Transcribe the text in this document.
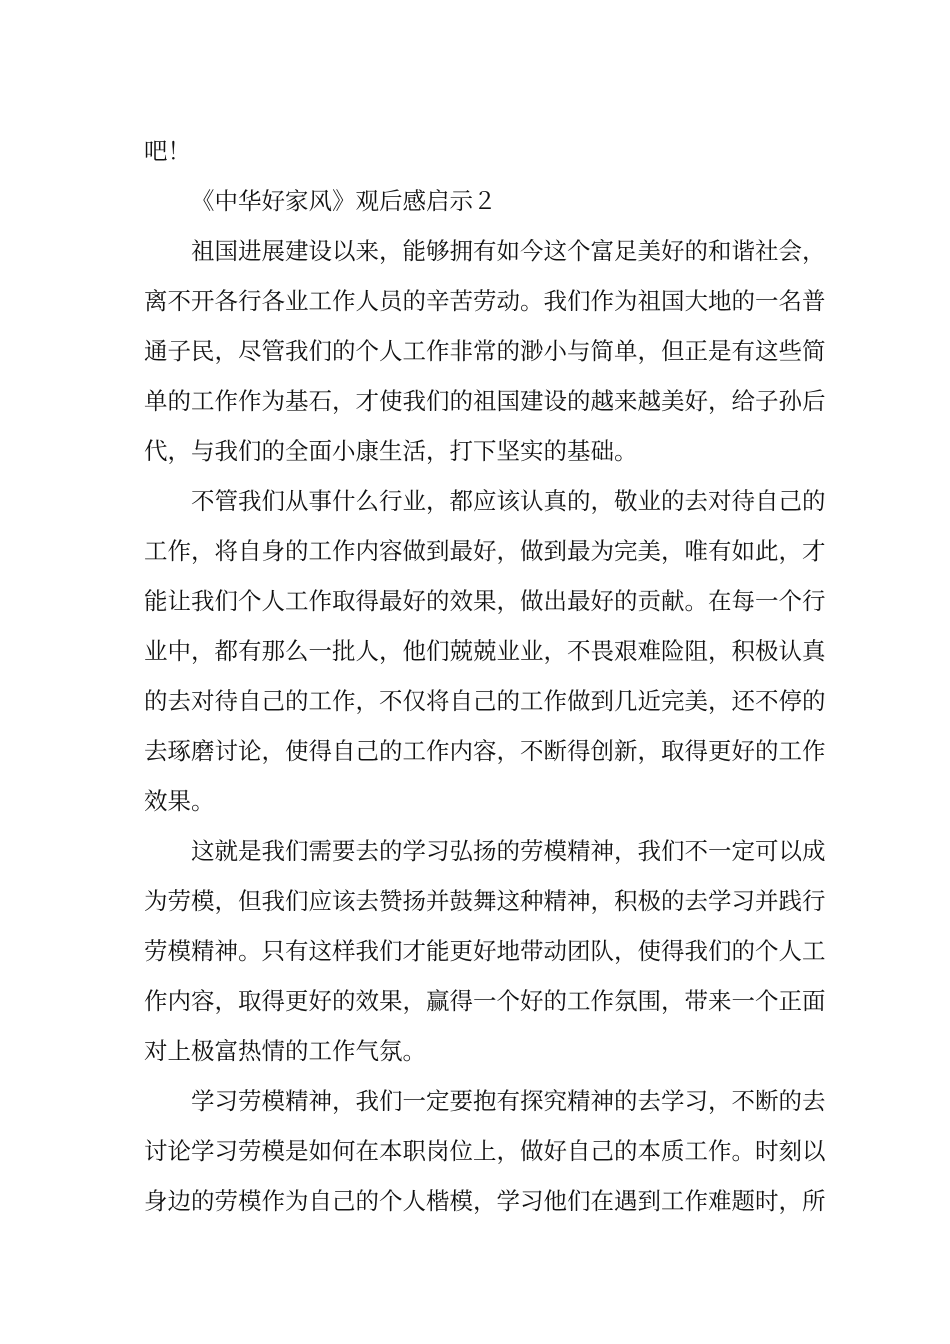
吧！
《中华好家风》观后感启示２
祖国进展建设以来，能够拥有如今这个富足美好的和谐社会，
离不开各行各业工作人员的辛苦劳动。我们作为祖国大地的一名普
通子民，尽管我们的个人工作非常的渺小与简单，但正是有这些简
单的工作作为基石，才使我们的祖国建设的越来越美好，给子孙后
代，与我们的全面小康生活，打下坚实的基础。
不管我们从事什么行业，都应该认真的，敬业的去对待自己的
工作，将自身的工作内容做到最好，做到最为完美，唯有如此，才
能让我们个人工作取得最好的效果，做出最好的贡献。在每一个行
业中，都有那么一批人，他们兢兢业业，不畏艰难险阻，积极认真
的去对待自己的工作，不仅将自己的工作做到几近完美，还不停的
去琢磨讨论，使得自己的工作内容，不断得创新，取得更好的工作
效果。
这就是我们需要去的学习弘扬的劳模精神，我们不一定可以成
为劳模，但我们应该去赞扬并鼓舞这种精神，积极的去学习并践行
劳模精神。只有这样我们才能更好地带动团队，使得我们的个人工
作内容，取得更好的效果，赢得一个好的工作氛围，带来一个正面
对上极富热情的工作气氛。
学习劳模精神，我们一定要抱有探究精神的去学习，不断的去
讨论学习劳模是如何在本职岗位上，做好自己的本质工作。时刻以
身边的劳模作为自己的个人楷模，学习他们在遇到工作难题时，所
